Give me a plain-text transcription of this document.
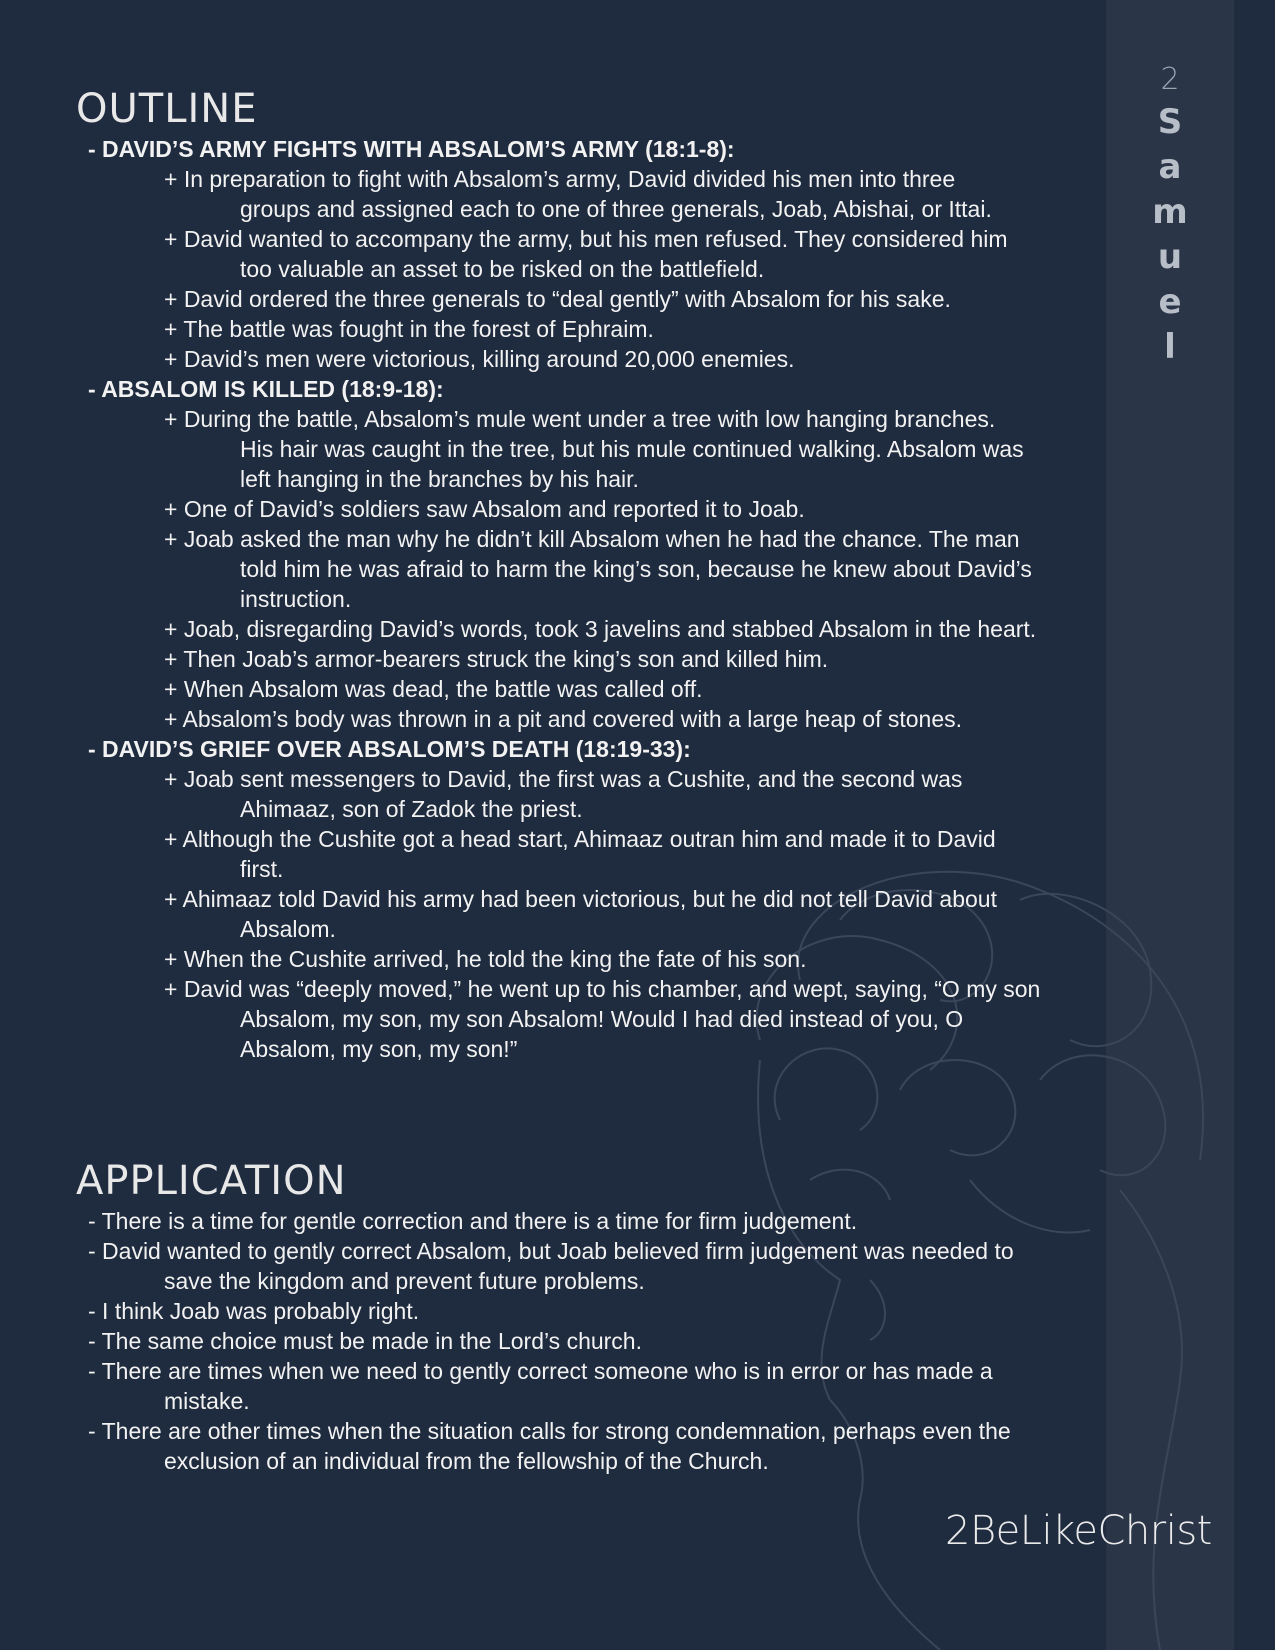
2
S
a
m
u
e
l
OUTLINE
- DAVID’S ARMY FIGHTS WITH ABSALOM’S ARMY (18:1-8):
+ In preparation to fight with Absalom’s army, David divided his men into three
groups and assigned each to one of three generals, Joab, Abishai, or Ittai.
+ David wanted to accompany the army, but his men refused. They considered him
too valuable an asset to be risked on the battlefield.
+ David ordered the three generals to “deal gently” with Absalom for his sake.
+ The battle was fought in the forest of Ephraim.
+ David’s men were victorious, killing around 20,000 enemies.
- ABSALOM IS KILLED (18:9-18):
+ During the battle, Absalom’s mule went under a tree with low hanging branches.
His hair was caught in the tree, but his mule continued walking. Absalom was
left hanging in the branches by his hair.
+ One of David’s soldiers saw Absalom and reported it to Joab.
+ Joab asked the man why he didn’t kill Absalom when he had the chance. The man
told him he was afraid to harm the king’s son, because he knew about David’s
instruction.
+ Joab, disregarding David’s words, took 3 javelins and stabbed Absalom in the heart.
+ Then Joab’s armor-bearers struck the king’s son and killed him.
+ When Absalom was dead, the battle was called off.
+ Absalom’s body was thrown in a pit and covered with a large heap of stones.
- DAVID’S GRIEF OVER ABSALOM’S DEATH (18:19-33):
+ Joab sent messengers to David, the first was a Cushite, and the second was
Ahimaaz, son of Zadok the priest.
+ Although the Cushite got a head start, Ahimaaz outran him and made it to David
first.
+ Ahimaaz told David his army had been victorious, but he did not tell David about
Absalom.
+ When the Cushite arrived, he told the king the fate of his son.
+ David was “deeply moved,” he went up to his chamber, and wept, saying, “O my son
Absalom, my son, my son Absalom! Would I had died instead of you, O
Absalom, my son, my son!”
APPLICATION
- There is a time for gentle correction and there is a time for firm judgement.
- David wanted to gently correct Absalom, but Joab believed firm judgement was needed to
save the kingdom and prevent future problems.
- I think Joab was probably right.
- The same choice must be made in the Lord’s church.
- There are times when we need to gently correct someone who is in error or has made a
mistake.
- There are other times when the situation calls for strong condemnation, perhaps even the
exclusion of an individual from the fellowship of the Church.
2BeLikeChrist
